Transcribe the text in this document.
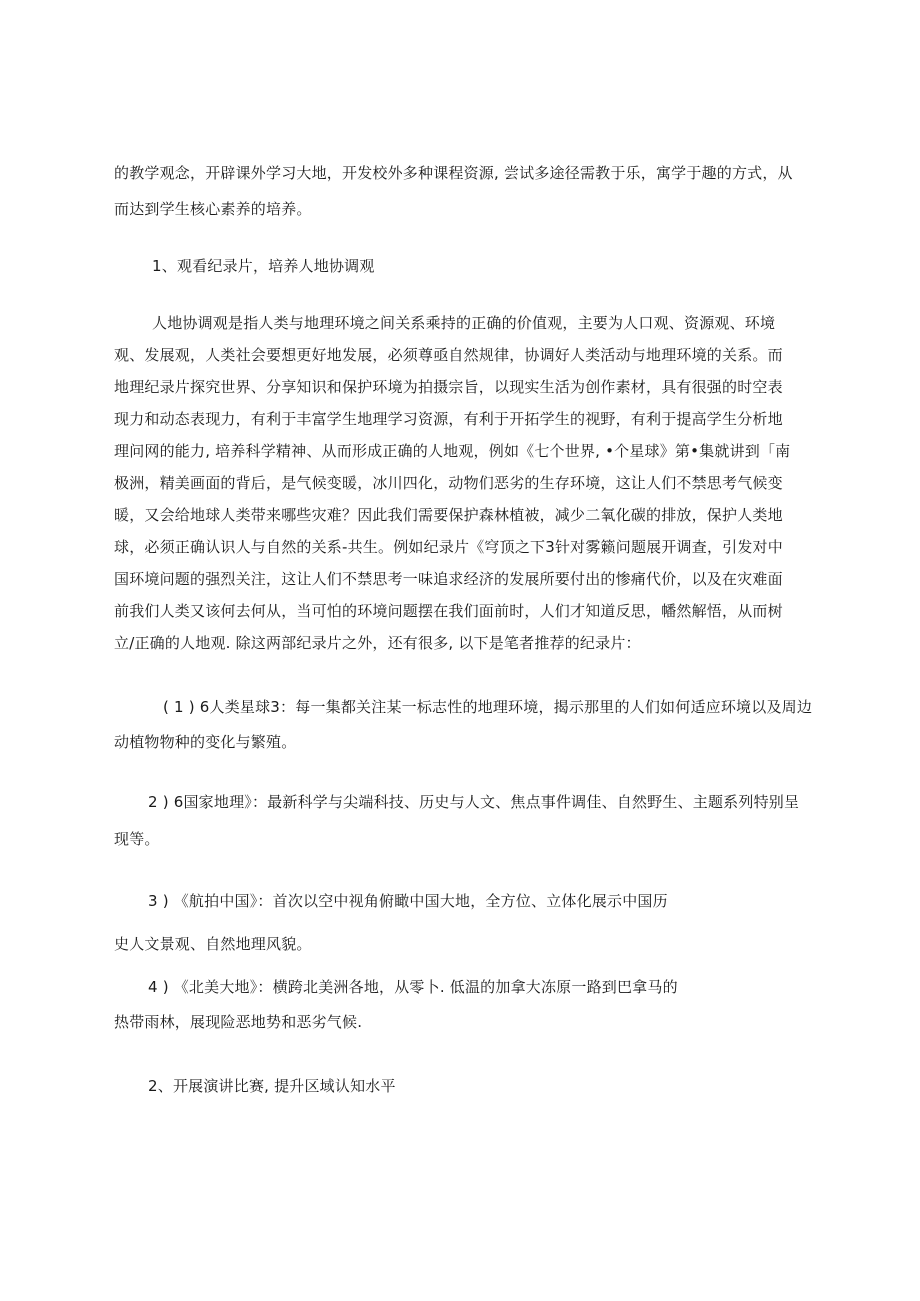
的教学观念，开辟课外学习大地，开发校外多种课程资源, 尝试多途径需教于乐，寓学于趣的方式，从
而达到学生核心素养的培养。
1、观看纪录片，培养人地协调观
人地协调观是指人类与地理环境之间关系乘持的正确的价值观，主要为人口观、资源观、环境
观、发展观，人类社会要想更好地发展，必须尊亟自然规律，协调好人类活动与地理环境的关系。而
地理纪录片探究世界、分享知识和保护环境为拍摄宗旨，以现实生活为创作素材，具有很强的时空表
现力和动态表现力，有利于丰富学生地理学习资源，有利于开拓学生的视野，有利于提高学生分析地
理问网的能力, 培养科学精神、从而形成正确的人地观，例如《七个世界, •个星球》第•集就讲到「南
极洲，精美画面的背后，是气候变暖，冰川四化，动物们恶劣的生存环境，这让人们不禁思考气候变
暖，又会给地球人类带来哪些灾难？因此我们需要保护森林植被，减少二氧化碳的排放，保护人类地
球，必须正确认识人与自然的关系-共生。例如纪录片《穹顶之下3针对雾籁问题展开调查，引发对中
国环境问题的强烈关注，这让人们不禁思考一味追求经济的发展所要付出的惨痛代价，以及在灾难面
前我们人类又该何去何从，当可怕的环境问题摆在我们面前时，人们才知道反思，幡然解悟，从而树
立/正确的人地观. 除这两部纪录片之外，还有很多, 以下是笔者推荐的纪录片：
( 1 ) 6人类星球3：每一集都关注某一标志性的地理环境，揭示那里的人们如何适应环境以及周边
动植物物种的变化与繁殖。
2 ) 6国家地理》：最新科学与尖端科技、历史与人文、焦点事件调佳、自然野生、主题系列特别呈
现等。
3 ) 《航拍中国》：首次以空中视角俯瞰中国大地，全方位、立体化展示中国历
史人文景观、自然地理风貌。
4 ) 《北美大地》：横跨北美洲各地，从零卜. 低温的加拿大冻原一路到巴拿马的
热带雨林，展现险恶地势和恶劣气候.
2、开展演讲比赛, 提升区域认知水平
